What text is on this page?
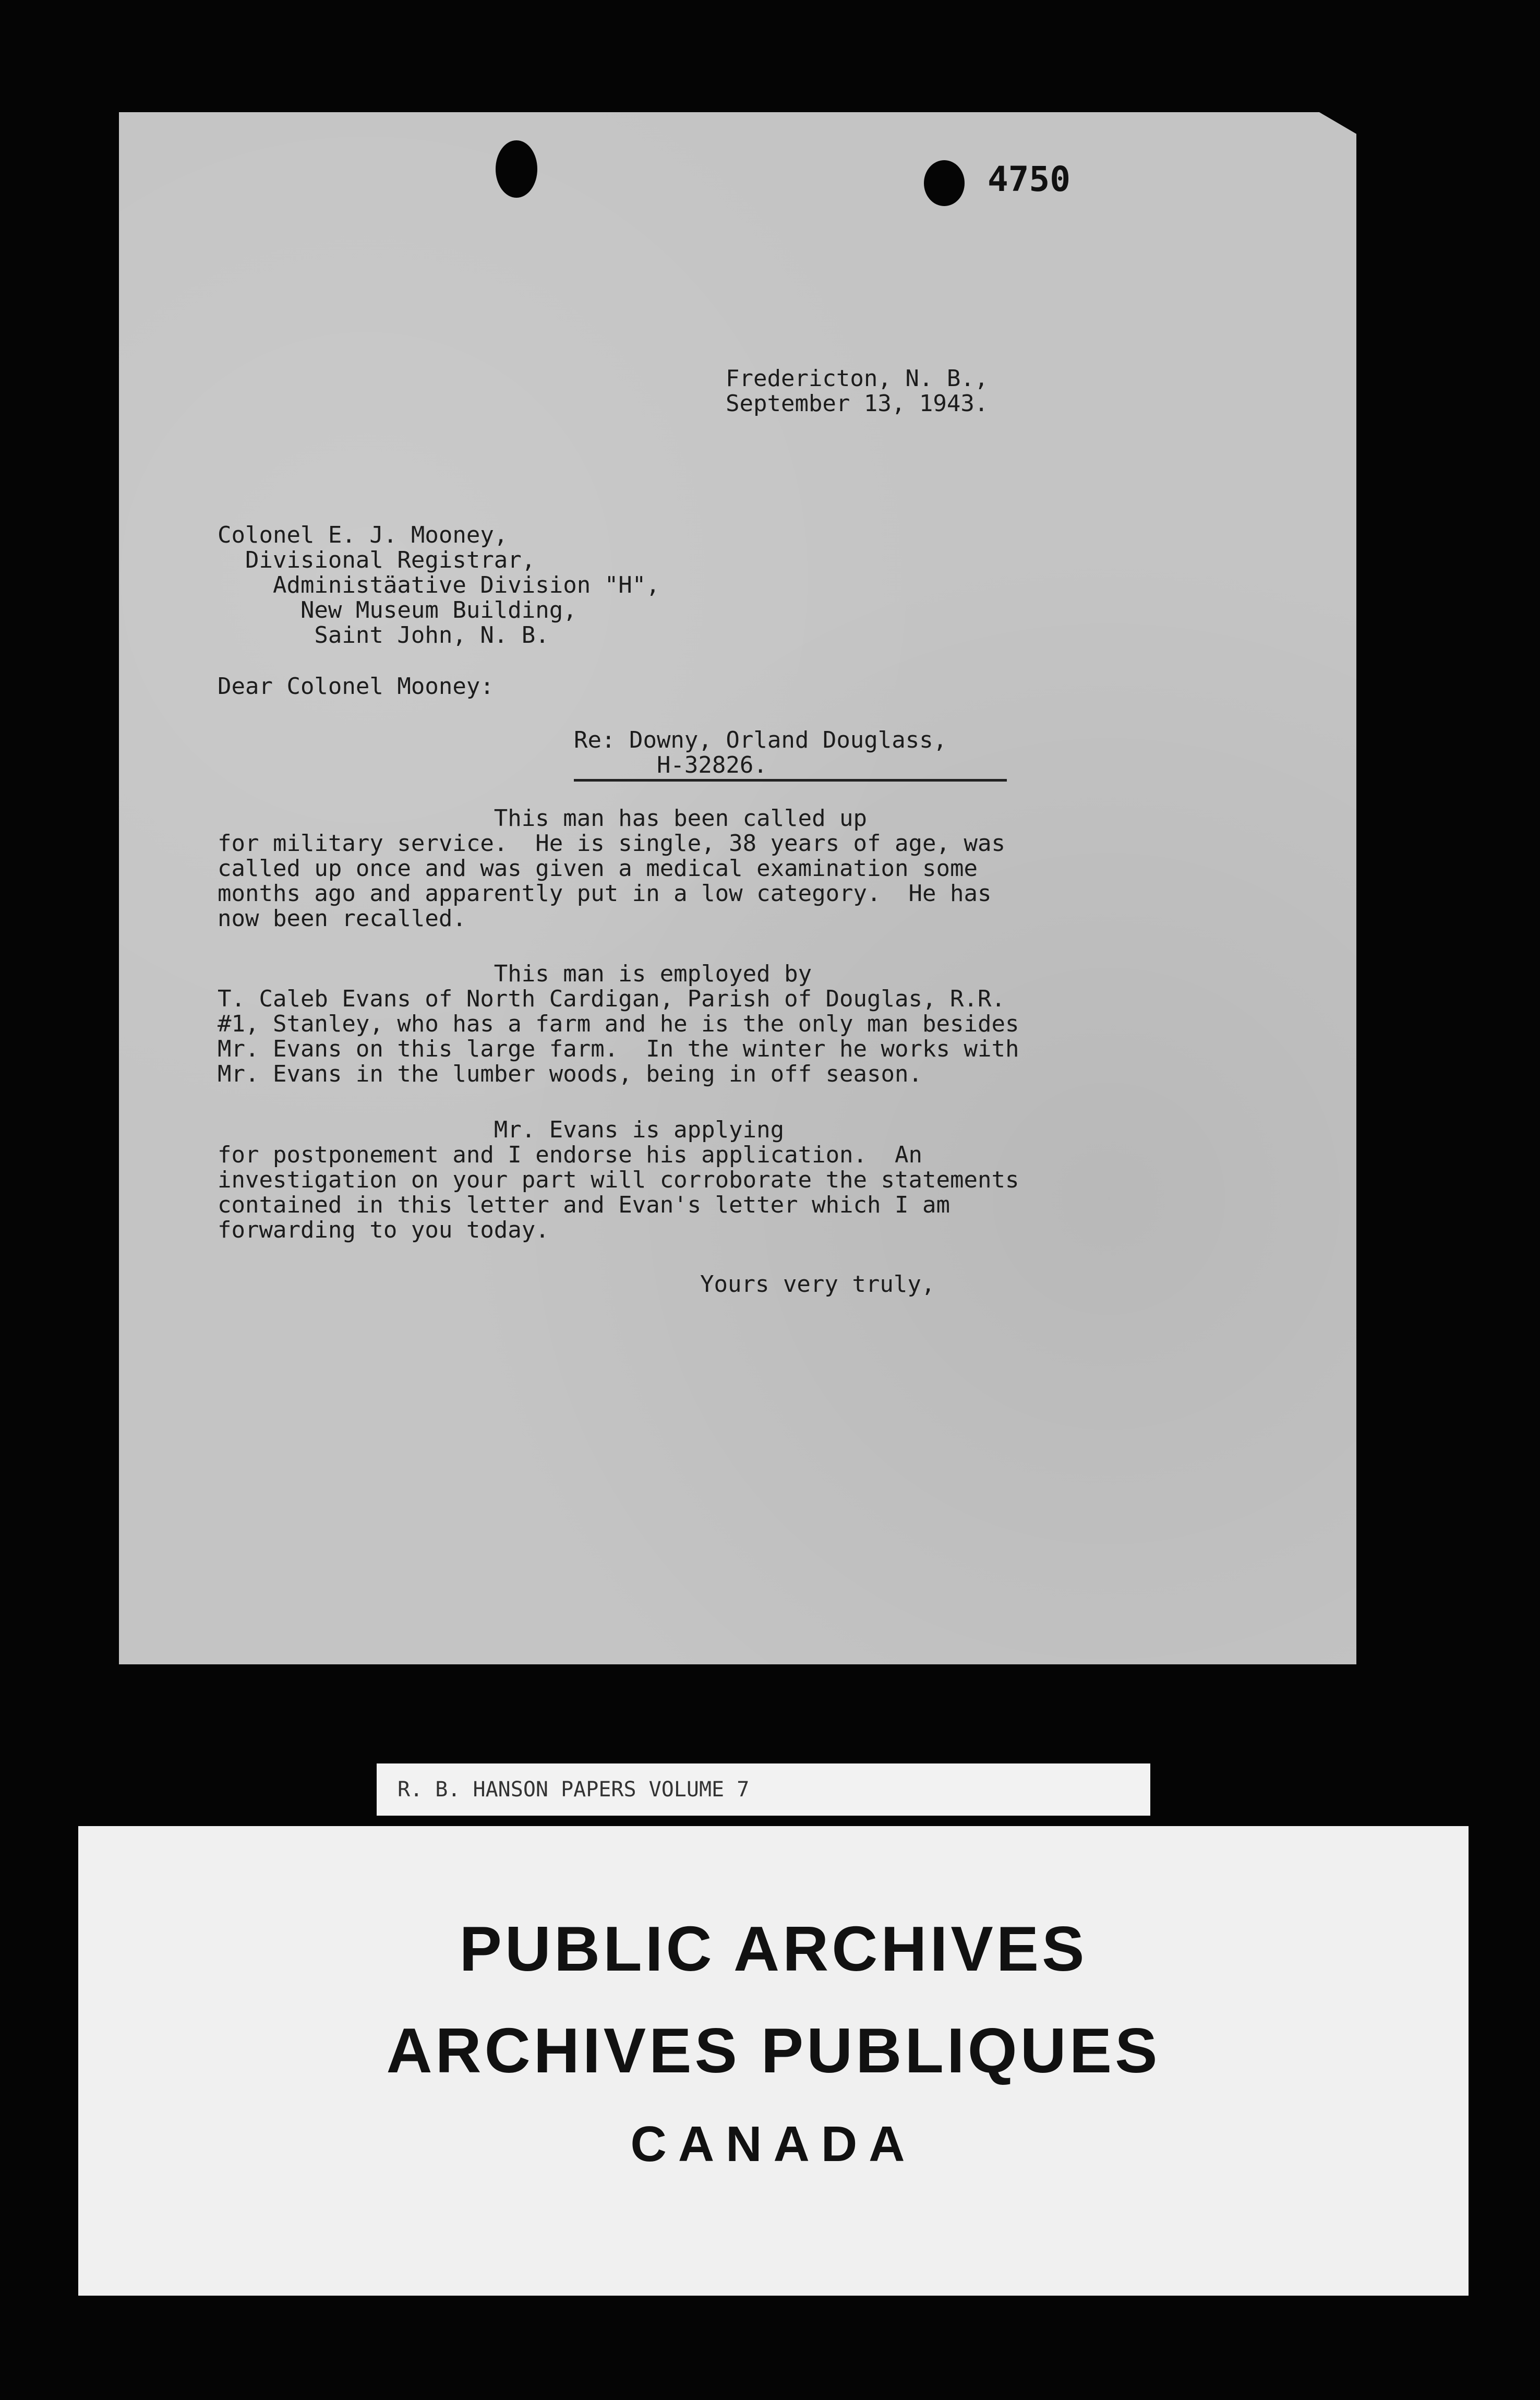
4750
Fredericton, N. B.,
September 13, 1943.
Colonel E. J. Mooney,
Divisional Registrar,
Administäative Division "H",
New Museum Building,
Saint John, N. B.
Dear Colonel Mooney:
Re: Downy, Orland Douglass,
H-32826.
This man has been called up
for military service.  He is single, 38 years of age, was
called up once and was given a medical examination some
months ago and apparently put in a low category.  He has
now been recalled.
This man is employed by
T. Caleb Evans of North Cardigan, Parish of Douglas, R.R.
#1, Stanley, who has a farm and he is the only man besides
Mr. Evans on this large farm.  In the winter he works with
Mr. Evans in the lumber woods, being in off season.
Mr. Evans is applying
for postponement and I endorse his application.  An
investigation on your part will corroborate the statements
contained in this letter and Evan's letter which I am
forwarding to you today.
Yours very truly,
R. B. HANSON PAPERS VOLUME 7
PUBLIC ARCHIVES
ARCHIVES PUBLIQUES
CANADA
